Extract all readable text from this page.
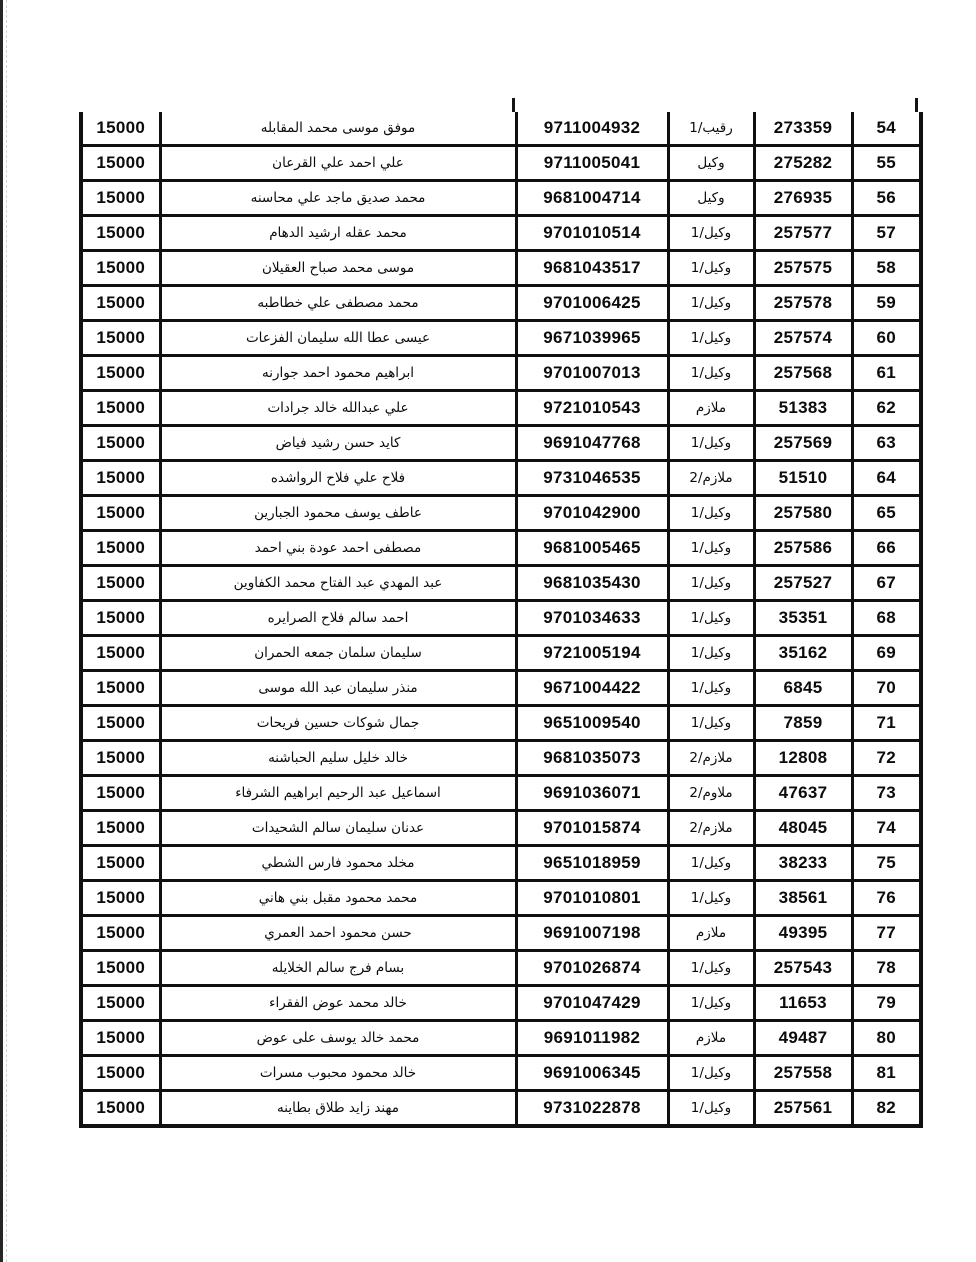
54	273359	رقيب/1	9711004932	موفق موسى محمد المقابله	15000
55	275282	وكيل	9711005041	علي احمد علي القرعان	15000
56	276935	وكيل	9681004714	محمد صديق ماجد علي محاسنه	15000
57	257577	وكيل/1	9701010514	محمد عقله ارشيد الدهام	15000
58	257575	وكيل/1	9681043517	موسى محمد صباح العقيلان	15000
59	257578	وكيل/1	9701006425	محمد مصطفى علي خطاطبه	15000
60	257574	وكيل/1	9671039965	عيسى عطا الله سليمان الفزعات	15000
61	257568	وكيل/1	9701007013	ابراهيم محمود احمد جوارنه	15000
62	51383	ملازم	9721010543	علي عبدالله خالد جرادات	15000
63	257569	وكيل/1	9691047768	كايد حسن رشيد فياض	15000
64	51510	ملازم/2	9731046535	فلاح علي فلاح الرواشده	15000
65	257580	وكيل/1	9701042900	عاطف يوسف محمود الجبارين	15000
66	257586	وكيل/1	9681005465	مصطفى احمد عودة بني احمد	15000
67	257527	وكيل/1	9681035430	عبد المهدي عبد الفتاح محمد الكفاوين	15000
68	35351	وكيل/1	9701034633	احمد سالم فلاح الصرايره	15000
69	35162	وكيل/1	9721005194	سليمان سلمان جمعه الحمران	15000
70	6845	وكيل/1	9671004422	منذر سليمان عبد الله موسى	15000
71	7859	وكيل/1	9651009540	جمال شوكات حسين فريحات	15000
72	12808	ملازم/2	9681035073	خالد خليل سليم الحباشنه	15000
73	47637	ملاوم/2	9691036071	اسماعيل عبد الرحيم ابراهيم الشرفاء	15000
74	48045	ملازم/2	9701015874	عدنان سليمان سالم الشحيدات	15000
75	38233	وكيل/1	9651018959	مخلد محمود فارس الشطي	15000
76	38561	وكيل/1	9701010801	محمد محمود مقبل بني هاني	15000
77	49395	ملازم	9691007198	حسن محمود احمد العمري	15000
78	257543	وكيل/1	9701026874	بسام فرج سالم الخلايله	15000
79	11653	وكيل/1	9701047429	خالد محمد عوض الفقراء	15000
80	49487	ملازم	9691011982	محمد خالد يوسف على عوض	15000
81	257558	وكيل/1	9691006345	خالد محمود محبوب مسرات	15000
82	257561	وكيل/1	9731022878	مهند زايد طلاق بطاينه	15000
